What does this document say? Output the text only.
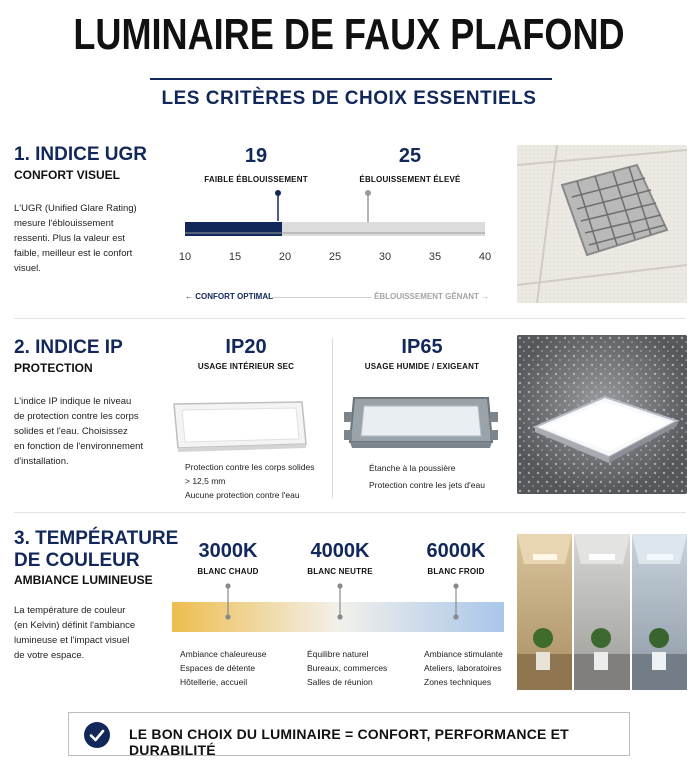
LUMINAIRE DE FAUX PLAFOND
LES CRITÈRES DE CHOIX ESSENTIELS
1. INDICE UGR
CONFORT VISUEL
L'UGR (Unified Glare Rating)
mesure l'éblouissement
ressenti. Plus la valeur est
faible, meilleur est le confort
visuel.
19
FAIBLE ÉBLOUISSEMENT
25
ÉBLOUISSEMENT ÉLEVÉ
10	15	20	25	30	35	40
← CONFORT OPTIMAL	ÉBLOUISSEMENT GÊNANT →
2. INDICE IP
PROTECTION
L'indice IP indique le niveau
de protection contre les corps
solides et l'eau. Choisissez
en fonction de l'environnement
d'installation.
IP20
USAGE INTÉRIEUR SEC
IP65
USAGE HUMIDE / EXIGEANT
Protection contre les corps solides
> 12,5 mm
Aucune protection contre l'eau
Étanche à la poussière
Protection contre les jets d'eau
3. TEMPÉRATURE
DE COULEUR
AMBIANCE LUMINEUSE
La température de couleur
(en Kelvin) définit l'ambiance
lumineuse et l'impact visuel
de votre espace.
3000K
BLANC CHAUD
4000K
BLANC NEUTRE
6000K
BLANC FROID
Ambiance chaleureuse
Espaces de détente
Hôtellerie, accueil
Équilibre naturel
Bureaux, commerces
Salles de réunion
Ambiance stimulante
Ateliers, laboratoires
Zones techniques
LE BON CHOIX DU LUMINAIRE = CONFORT, PERFORMANCE ET DURABILITÉ
